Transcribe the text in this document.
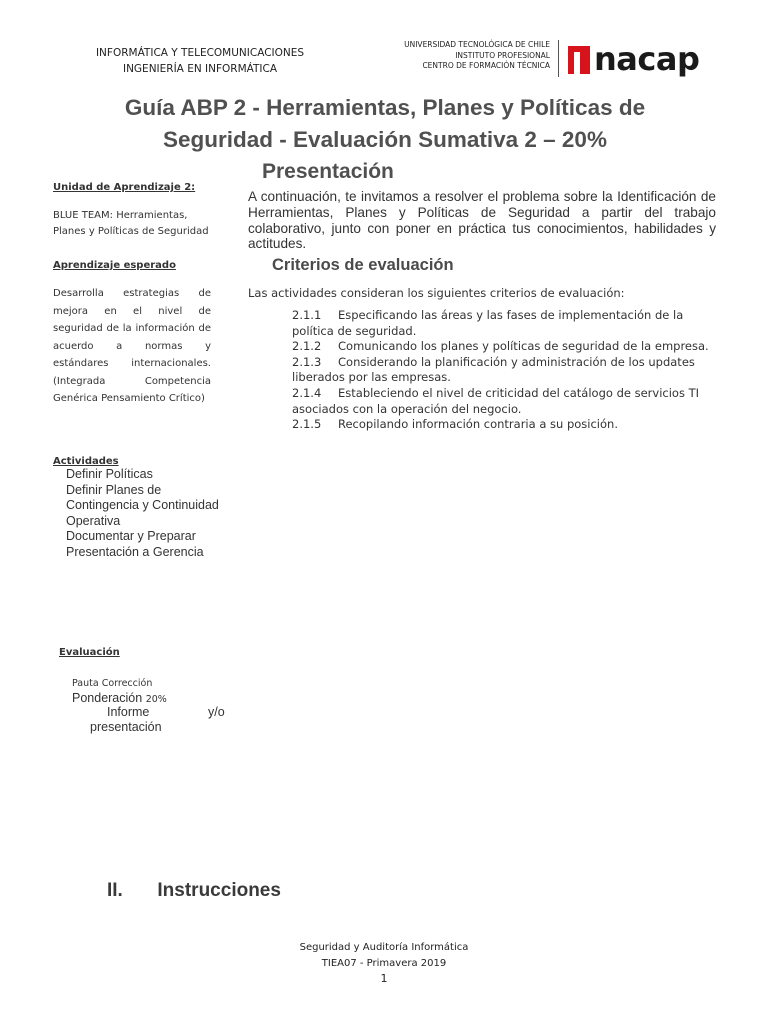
INFORMÁTICA Y TELECOMUNICACIONES
INGENIERÍA EN INFORMÁTICA
UNIVERSIDAD TECNOLÓGICA DE CHILE
INSTITUTO PROFESIONAL
CENTRO DE FORMACIÓN TÉCNICA nacap
Guía ABP 2 - Herramientas, Planes y Políticas de
Seguridad - Evaluación Sumativa 2 – 20%
Presentación
Unidad de Aprendizaje 2:
BLUE TEAM: Herramientas, Planes y Políticas de Seguridad
Aprendizaje esperado
Desarrolla estrategias de mejora en el nivel de seguridad de la información de acuerdo a normas y estándares internacionales. (Integrada Competencia Genérica Pensamiento Crítico)
Actividades
Definir Políticas
Definir Planes de Contingencia y Continuidad Operativa
Documentar y Preparar Presentación a Gerencia
Evaluación
Pauta Corrección
Ponderación 20%
Informe	y/o
presentación
A continuación, te invitamos a resolver el problema sobre la Identificación de Herramientas, Planes y Políticas de Seguridad a partir del trabajo colaborativo, junto con poner en práctica tus conocimientos, habilidades y actitudes.
Criterios de evaluación
Las actividades consideran los siguientes criterios de evaluación:
2.1.1 Especificando las áreas y las fases de implementación de la política de seguridad.
2.1.2 Comunicando los planes y políticas de seguridad de la empresa.
2.1.3 Considerando la planificación y administración de los updates liberados por las empresas.
2.1.4 Estableciendo el nivel de criticidad del catálogo de servicios TI asociados con la operación del negocio.
2.1.5 Recopilando información contraria a su posición.
II. Instrucciones
Seguridad y Auditoría Informática
TIEA07 - Primavera 2019
1
